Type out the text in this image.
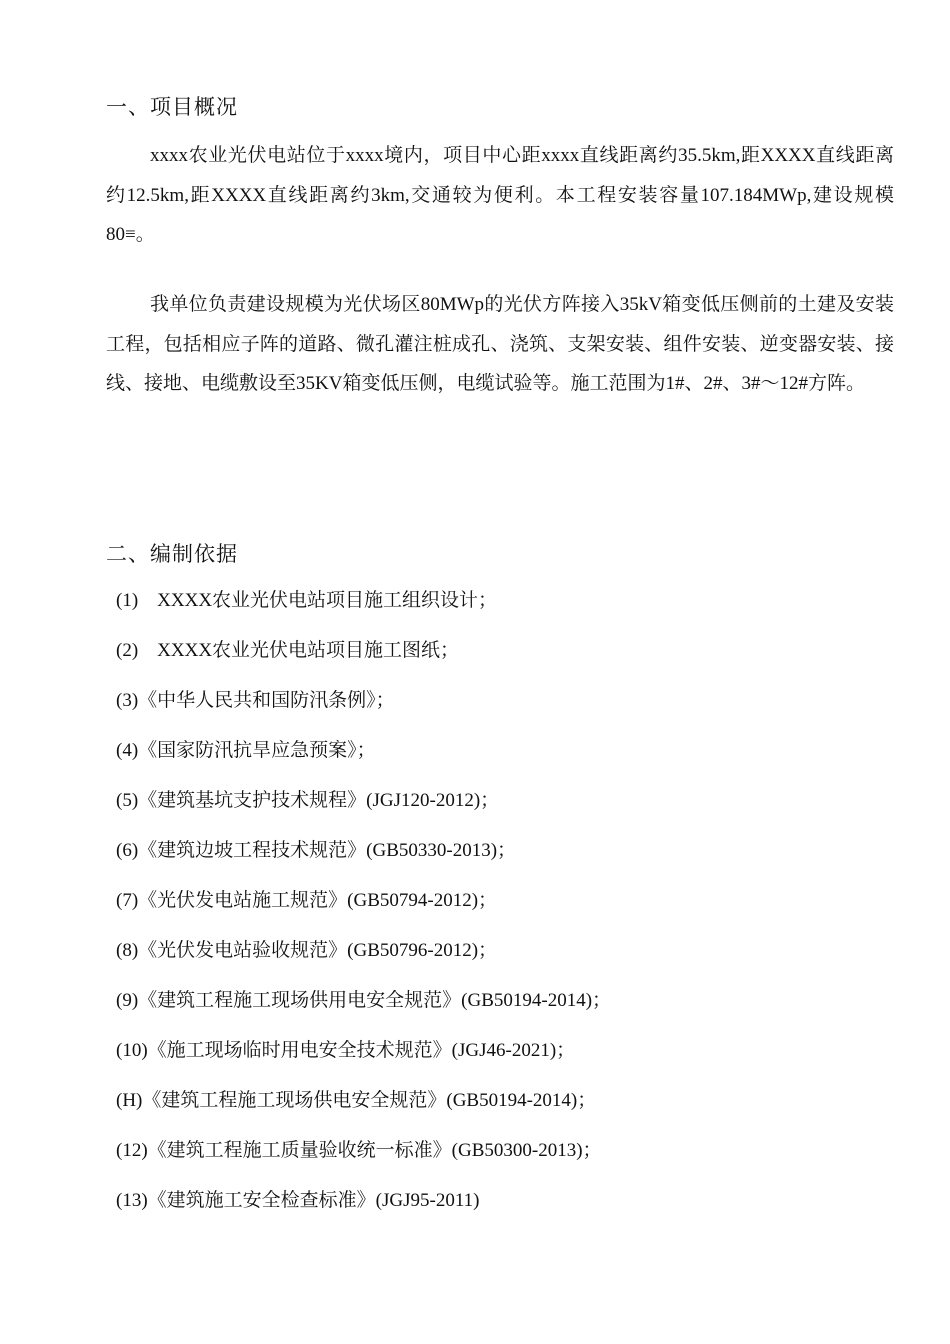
一、项目概况

xxxx农业光伏电站位于xxxx境内，项目中心距xxxx直线距离约35.5km,距XXXX直线距离约12.5km,距XXXX直线距离约3km,交通较为便利。本工程安装容量107.184MWp,建设规模80≡。

我单位负责建设规模为光伏场区80MWp的光伏方阵接入35kV箱变低压侧前的土建及安装工程，包括相应子阵的道路、微孔灌注桩成孔、浇筑、支架安装、组件安装、逆变器安装、接线、接地、电缆敷设至35KV箱变低压侧，电缆试验等。施工范围为1#、2#、3#〜12#方阵。

二、编制依据
(1)　XXXX农业光伏电站项目施工组织设计；
(2)　XXXX农业光伏电站项目施工图纸；
(3)《中华人民共和国防汛条例》；
(4)《国家防汛抗旱应急预案》；
(5)《建筑基坑支护技术规程》(JGJ120-2012)；
(6)《建筑边坡工程技术规范》(GB50330-2013)；
(7)《光伏发电站施工规范》(GB50794-2012)；
(8)《光伏发电站验收规范》(GB50796-2012)；
(9)《建筑工程施工现场供用电安全规范》(GB50194-2014)；
(10)《施工现场临时用电安全技术规范》(JGJ46-2021)；
(H)《建筑工程施工现场供电安全规范》(GB50194-2014)；
(12)《建筑工程施工质量验收统一标准》(GB50300-2013)；
(13)《建筑施工安全检查标准》(JGJ95-2011)
